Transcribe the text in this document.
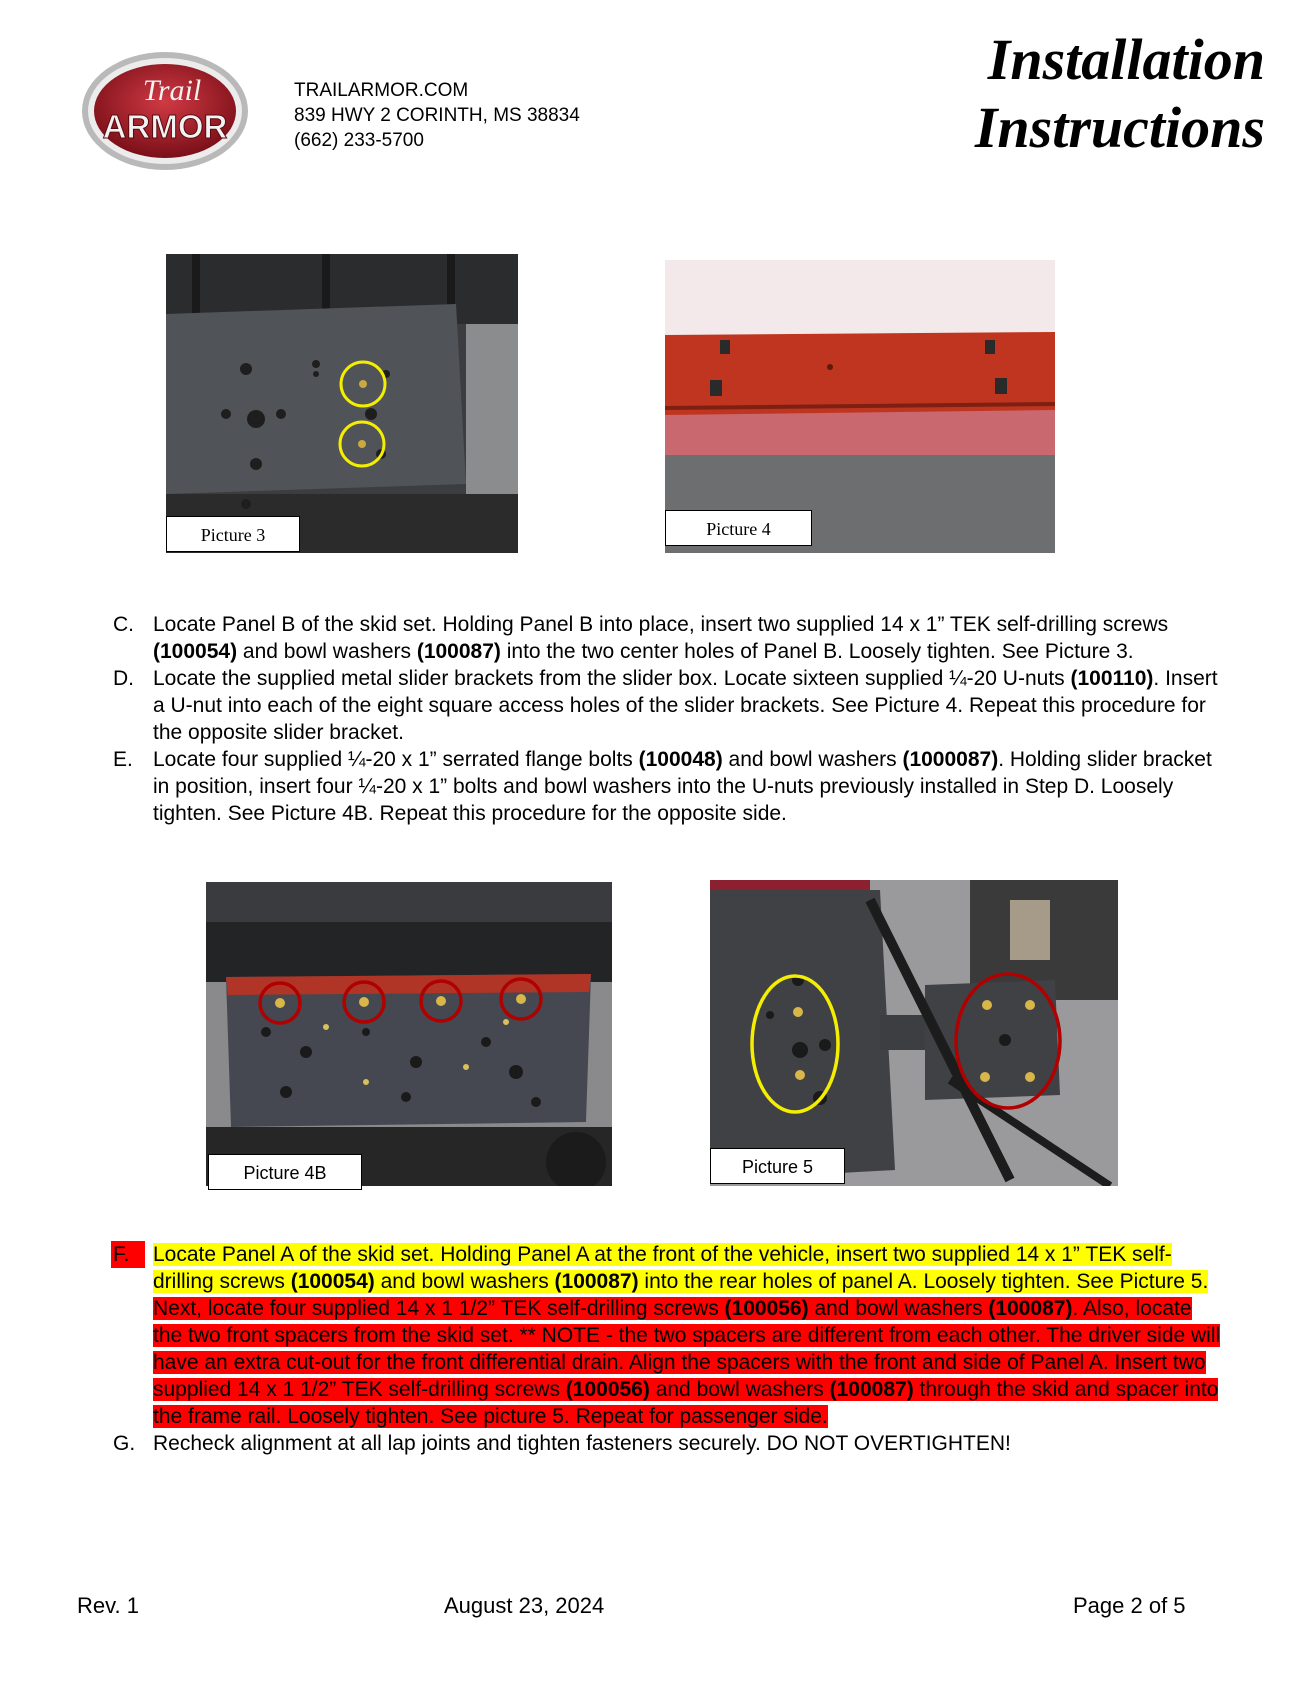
Trail
ARMOR
TRAILARMOR.COM
839 HWY 2 CORINTH, MS 38834
(662) 233-5700
Installation
Instructions
Picture 3	Picture 4
C. Locate Panel B of the skid set. Holding Panel B into place, insert two supplied 14 x 1” TEK self-drilling screws (100054) and bowl washers (100087) into the two center holes of Panel B. Loosely tighten. See Picture 3.
D. Locate the supplied metal slider brackets from the slider box. Locate sixteen supplied ¼-20 U-nuts (100110). Insert a U-nut into each of the eight square access holes of the slider brackets. See Picture 4. Repeat this procedure for the opposite slider bracket.
E. Locate four supplied ¼-20 x 1” serrated flange bolts (100048) and bowl washers (1000087). Holding slider bracket in position, insert four ¼-20 x 1” bolts and bowl washers into the U-nuts previously installed in Step D. Loosely tighten. See Picture 4B. Repeat this procedure for the opposite side.
Picture 4B	Picture 5
F.	Locate Panel A of the skid set. Holding Panel A at the front of the vehicle, insert two supplied 14 x 1” TEK self-drilling screws (100054) and bowl washers (100087) into the rear holes of panel A. Loosely tighten. See Picture 5. Next, locate four supplied 14 x 1 1/2” TEK self-drilling screws (100056) and bowl washers (100087). Also, locate the two front spacers from the skid set. ** NOTE - the two spacers are different from each other. The driver side will have an extra cut-out for the front differential drain. Align the spacers with the front and side of Panel A. Insert two supplied 14 x 1 1/2” TEK self-drilling screws (100056) and bowl washers (100087) through the skid and spacer into the frame rail. Loosely tighten. See picture 5. Repeat for passenger side.
G. Recheck alignment at all lap joints and tighten fasteners securely. DO NOT OVERTIGHTEN!
Rev. 1	August 23, 2024	Page 2 of 5
